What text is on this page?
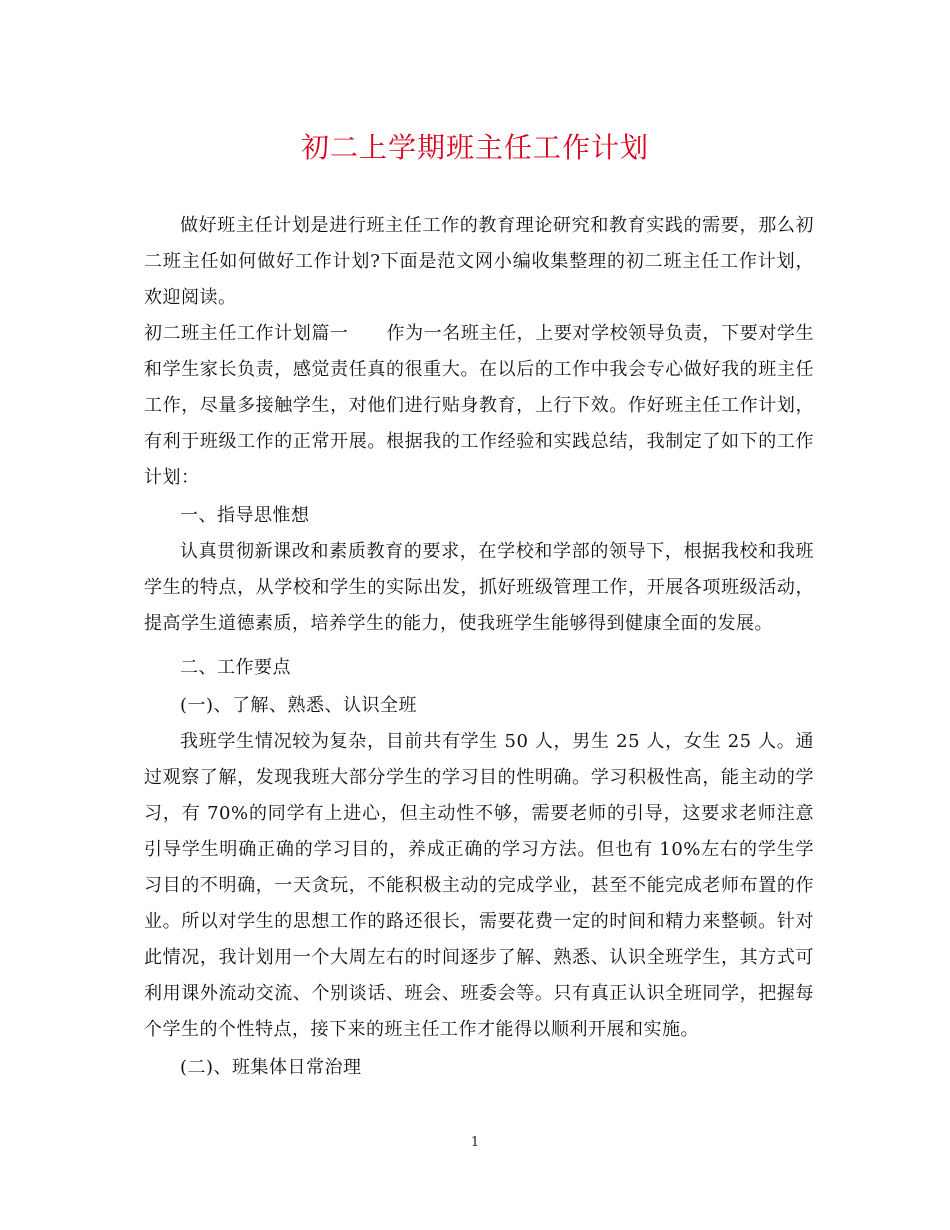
初二上学期班主任工作计划

做好班主任计划是进行班主任工作的教育理论研究和教育实践的需要，那么初二班主任如何做好工作计划?下面是范文网小编收集整理的初二班主任工作计划，欢迎阅读。

初二班主任工作计划篇一 作为一名班主任，上要对学校领导负责，下要对学生和学生家长负责，感觉责任真的很重大。在以后的工作中我会专心做好我的班主任工作，尽量多接触学生，对他们进行贴身教育，上行下效。作好班主任工作计划，有利于班级工作的正常开展。根据我的工作经验和实践总结，我制定了如下的工作计划：

一、指导思惟想

认真贯彻新课改和素质教育的要求，在学校和学部的领导下，根据我校和我班学生的特点，从学校和学生的实际出发，抓好班级管理工作，开展各项班级活动，提高学生道德素质，培养学生的能力，使我班学生能够得到健康全面的发展。

二、工作要点

(一)、了解、熟悉、认识全班

我班学生情况较为复杂，目前共有学生 50 人，男生 25 人，女生 25 人。通过观察了解，发现我班大部分学生的学习目的性明确。学习积极性高，能主动的学习，有 70%的同学有上进心，但主动性不够，需要老师的引导，这要求老师注意引导学生明确正确的学习目的，养成正确的学习方法。但也有 10%左右的学生学习目的不明确，一天贪玩，不能积极主动的完成学业，甚至不能完成老师布置的作业。所以对学生的思想工作的路还很长，需要花费一定的时间和精力来整顿。针对此情况，我计划用一个大周左右的时间逐步了解、熟悉、认识全班学生，其方式可利用课外流动交流、个别谈话、班会、班委会等。只有真正认识全班同学，把握每个学生的个性特点，接下来的班主任工作才能得以顺利开展和实施。

(二)、班集体日常治理

1
